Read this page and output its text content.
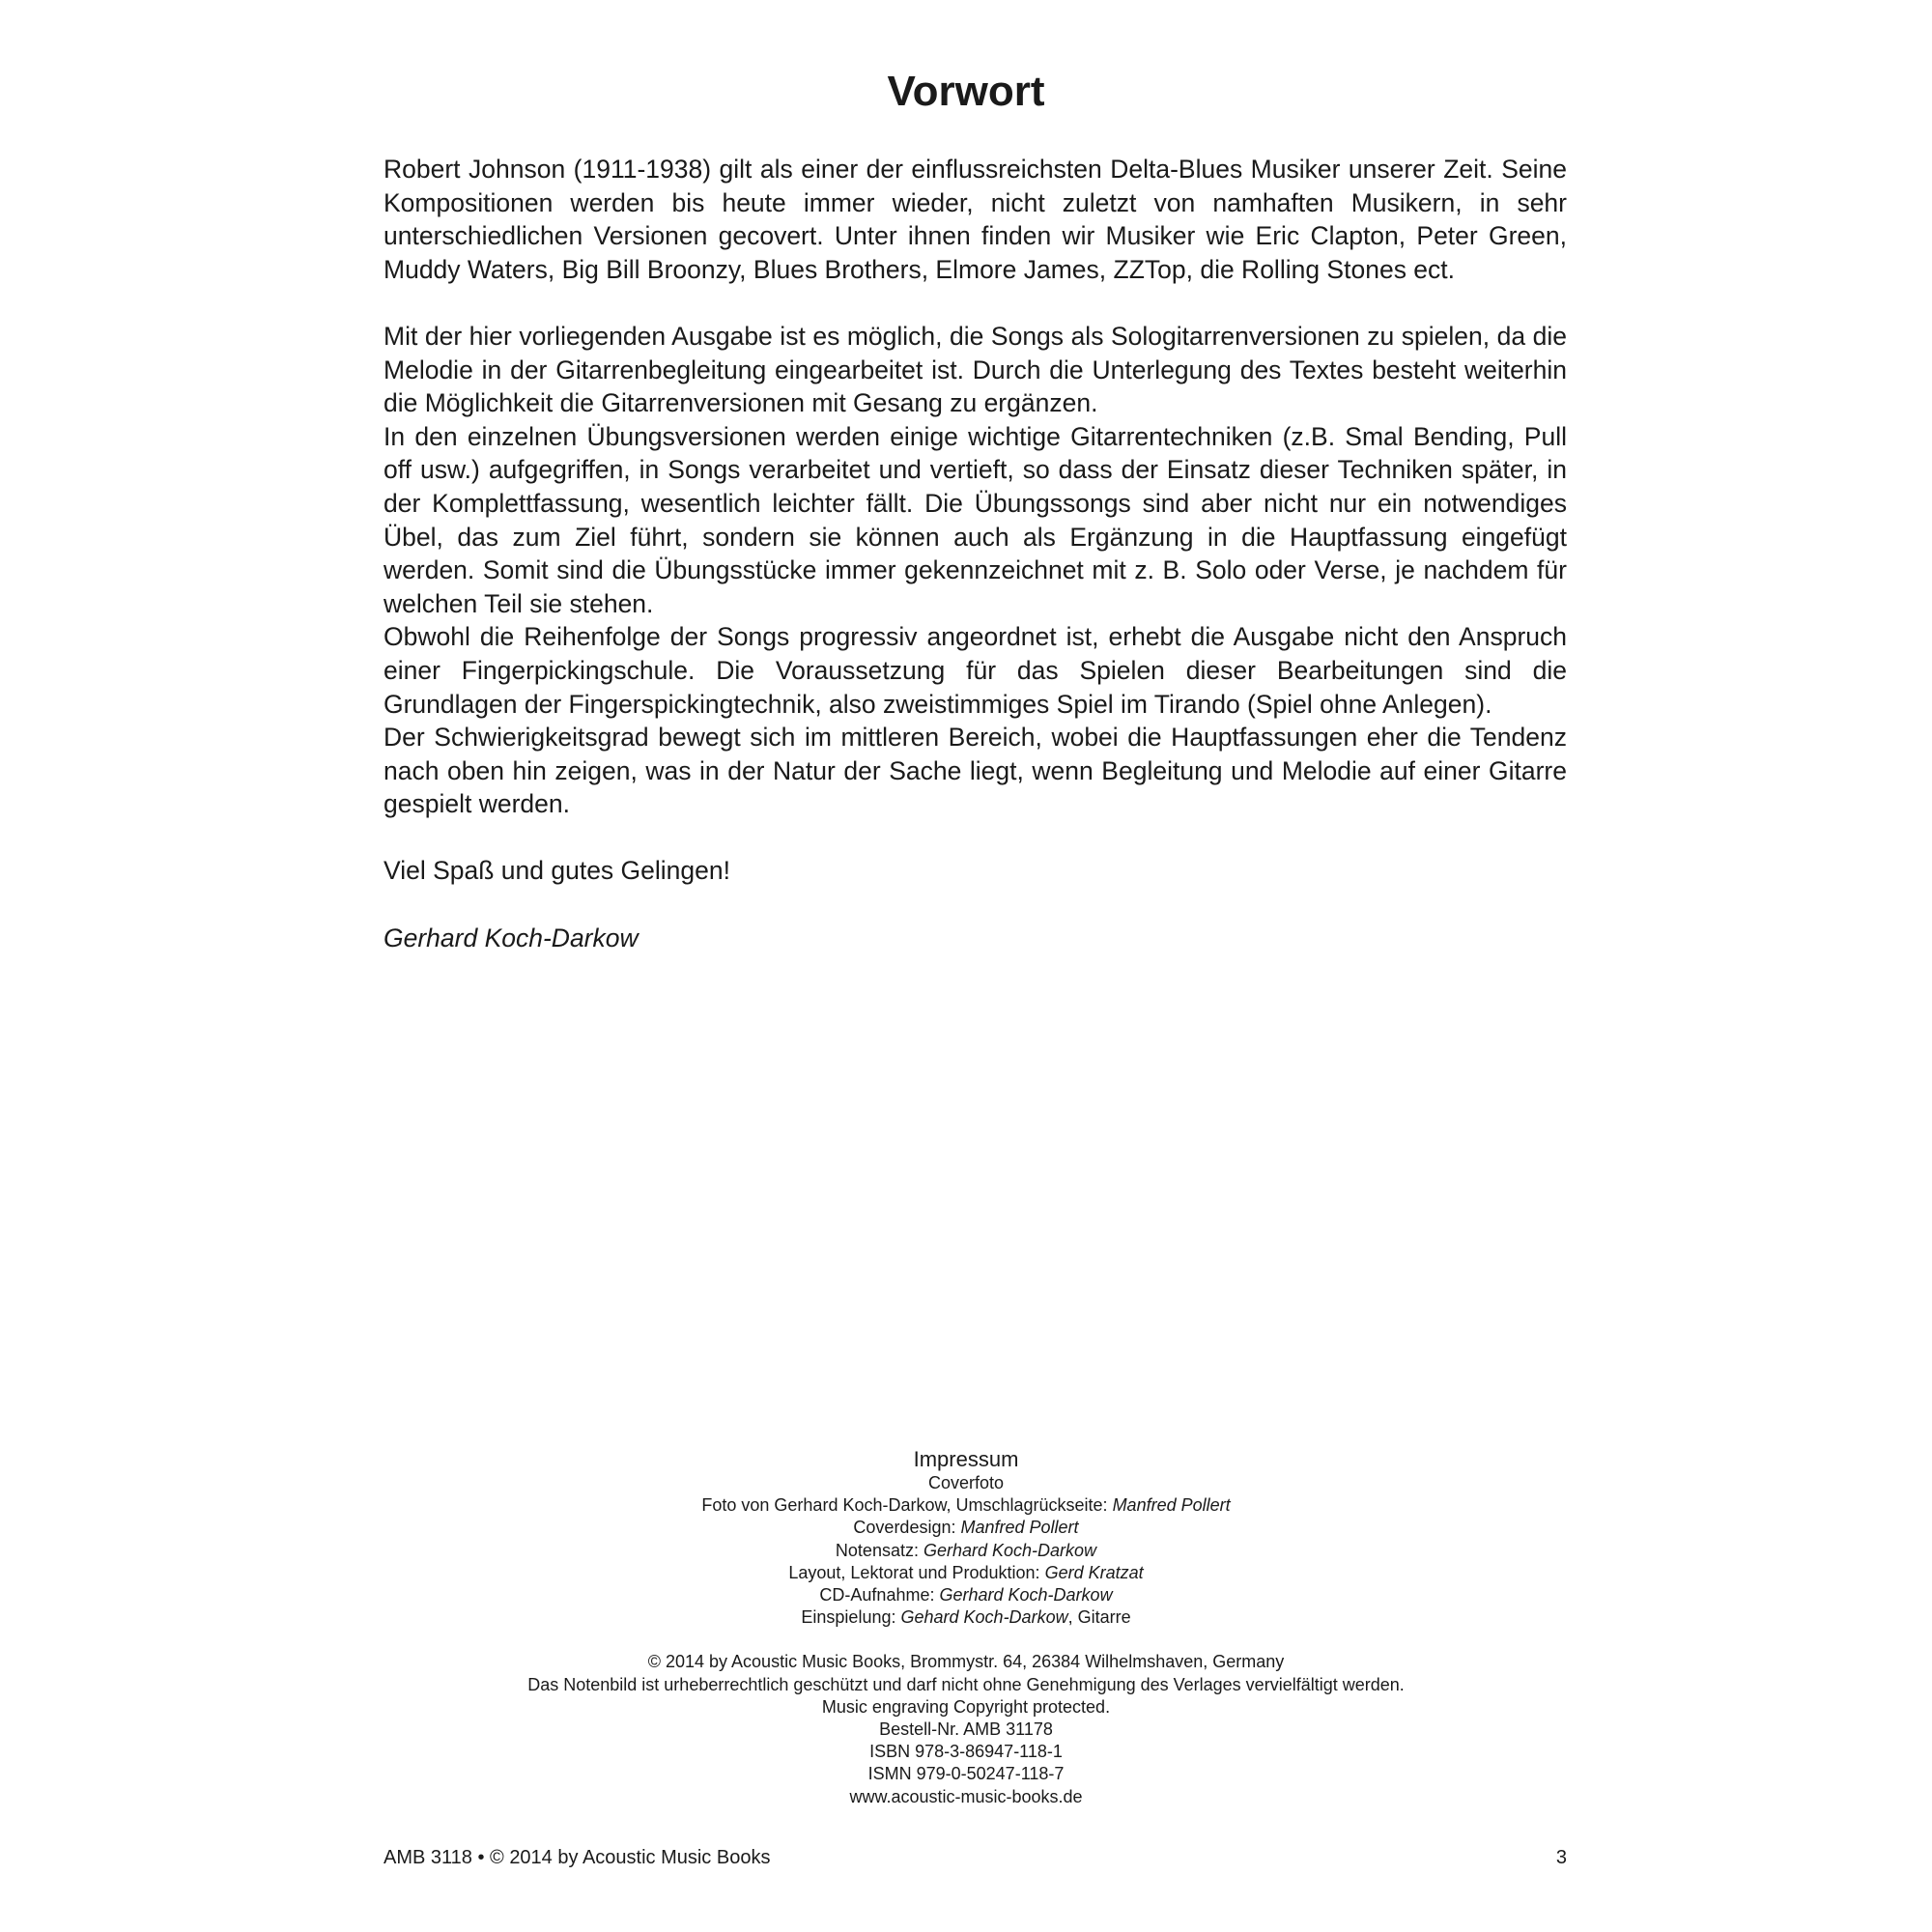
Vorwort

Robert Johnson (1911-1938) gilt als einer der einflussreichsten Delta-Blues Musiker unserer Zeit. Seine Kompositionen werden bis heute immer wieder, nicht zuletzt von namhaften Musikern, in sehr unterschiedlichen Versionen gecovert. Unter ihnen finden wir Musiker wie Eric Clapton, Peter Green, Muddy Waters, Big Bill Broonzy, Blues Brothers, Elmore James, ZZTop, die Rolling Stones ect.

Mit der hier vorliegenden Ausgabe ist es möglich, die Songs als Sologitarrenversionen zu spielen, da die Melodie in der Gitarrenbegleitung eingearbeitet ist. Durch die Unterlegung des Textes besteht weiterhin die Möglichkeit die Gitarrenversionen mit Gesang zu ergänzen.

In den einzelnen Übungsversionen werden einige wichtige Gitarrentechniken (z.B. Smal Bending, Pull off usw.) aufgegriffen, in Songs verarbeitet und vertieft, so dass der Einsatz dieser Techniken später, in der Komplettfassung, wesentlich leichter fällt. Die Übungssongs sind aber nicht nur ein notwendiges Übel, das zum Ziel führt, sondern sie können auch als Ergänzung in die Hauptfassung eingefügt werden. Somit sind die Übungsstücke immer gekennzeichnet mit z. B. Solo oder Verse, je nachdem für welchen Teil sie stehen.

Obwohl die Reihenfolge der Songs progressiv angeordnet ist, erhebt die Ausgabe nicht den Anspruch einer Fingerpickingschule. Die Voraussetzung für das Spielen dieser Bearbeitungen sind die Grundlagen der Fingerspickingtechnik, also zweistimmiges Spiel im Tirando (Spiel ohne Anlegen).

Der Schwierigkeitsgrad bewegt sich im mittleren Bereich, wobei die Hauptfassungen eher die Tendenz nach oben hin zeigen, was in der Natur der Sache liegt, wenn Begleitung und Melodie auf einer Gitarre gespielt werden.

Viel Spaß und gutes Gelingen!

Gerhard Koch-Darkow

Impressum
Coverfoto
Foto von Gerhard Koch-Darkow, Umschlagrückseite: Manfred Pollert
Coverdesign: Manfred Pollert
Notensatz: Gerhard Koch-Darkow
Layout, Lektorat und Produktion: Gerd Kratzat
CD-Aufnahme: Gerhard Koch-Darkow
Einspielung: Gehard Koch-Darkow, Gitarre
© 2014 by Acoustic Music Books, Brommystr. 64, 26384 Wilhelmshaven, Germany
Das Notenbild ist urheberrechtlich geschützt und darf nicht ohne Genehmigung des Verlages vervielfältigt werden.
Music engraving Copyright protected.
Bestell-Nr. AMB 31178
ISBN 978-3-86947-118-1
ISMN 979-0-50247-118-7
www.acoustic-music-books.de
AMB 3118 • © 2014 by Acoustic Music Books	3
